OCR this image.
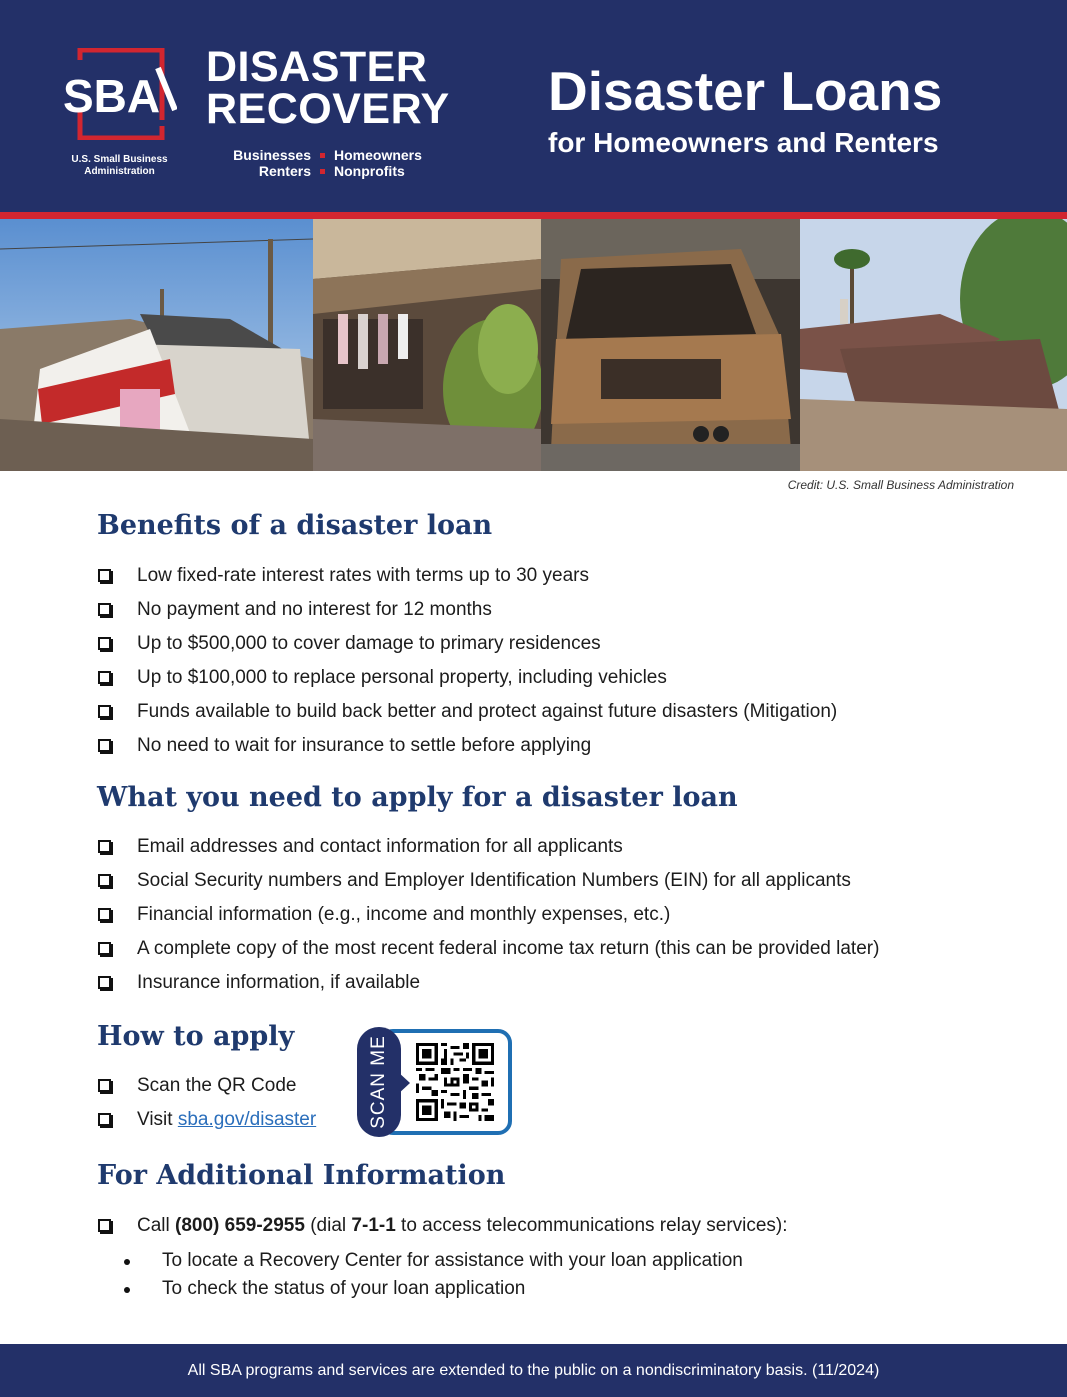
SBA
U.S. Small Business Administration
DISASTER
RECOVERY
Businesses Homeowners
Renters Nonprofits
Disaster Loans
for Homeowners and Renters
Credit: U.S. Small Business Administration
Benefits of a disaster loan
Low fixed-rate interest rates with terms up to 30 years
No payment and no interest for 12 months
Up to $500,000 to cover damage to primary residences
Up to $100,000 to replace personal property, including vehicles
Funds available to build back better and protect against future disasters (Mitigation)
No need to wait for insurance to settle before applying
What you need to apply for a disaster loan
Email addresses and contact information for all applicants
Social Security numbers and Employer Identification Numbers (EIN) for all applicants
Financial information (e.g., income and monthly expenses, etc.)
A complete copy of the most recent federal income tax return (this can be provided later)
Insurance information, if available
How to apply
Scan the QR Code
Visit sba.gov/disaster	SCAN ME
For Additional Information
Call (800) 659-2955 (dial 7-1-1 to access telecommunications relay services):
To locate a Recovery Center for assistance with your loan application
To check the status of your loan application
All SBA programs and services are extended to the public on a nondiscriminatory basis. (11/2024)
